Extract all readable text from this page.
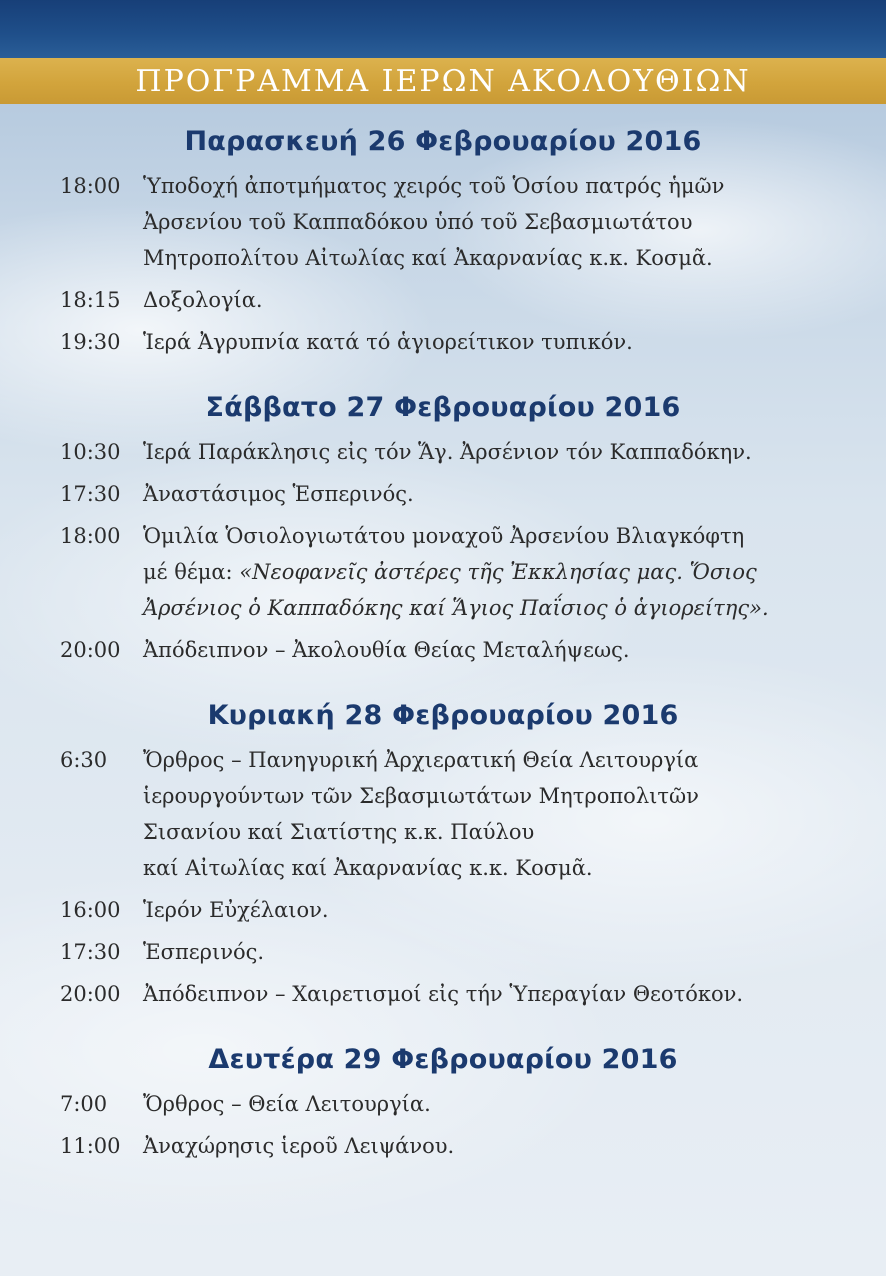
ΠΡΟΓΡΑΜΜΑ ΙΕΡΩΝ ΑΚΟΛΟΥΘΙΩΝ
Παρασκευή 26 Φεβρουαρίου 2016
18:00	Ὑποδοχή ἀποτμήματος χειρός τοῦ Ὁσίου πατρός ἡμῶν
Ἀρσενίου τοῦ Καππαδόκου ὑπό τοῦ Σεβασμιωτάτου
Μητροπολίτου Αἰτωλίας καί Ἀκαρνανίας κ.κ. Κοσμᾶ.
18:15	Δοξολογία.
19:30	Ἱερά Ἀγρυπνία κατά τό ἁγιορείτικον τυπικόν.
Σάββατο 27 Φεβρουαρίου 2016
10:30	Ἱερά Παράκλησις εἰς τόν Ἅγ. Ἀρσένιον τόν Καππαδόκην.
17:30	Ἀναστάσιμος Ἑσπερινός.
18:00	Ὁμιλία Ὁσιολογιωτάτου μοναχοῦ Ἀρσενίου Βλιαγκόφτη
μέ θέμα: «Νεοφανεῖς ἀστέρες τῆς Ἐκκλησίας μας. Ὅσιος
Ἀρσένιος ὁ Καππαδόκης καί Ἅγιος Παΐσιος ὁ ἁγιορείτης».
20:00	Ἀπόδειπνον – Ἀκολουθία Θείας Μεταλήψεως.
Κυριακή 28 Φεβρουαρίου 2016
6:30	Ὄρθρος – Πανηγυρική Ἀρχιερατική Θεία Λειτουργία
ἱερουργούντων τῶν Σεβασμιωτάτων Μητροπολιτῶν
Σισανίου καί Σιατίστης κ.κ. Παύλου
καί Αἰτωλίας καί Ἀκαρνανίας κ.κ. Κοσμᾶ.
16:00	Ἱερόν Εὐχέλαιον.
17:30	Ἑσπερινός.
20:00	Ἀπόδειπνον – Χαιρετισμοί εἰς τήν Ὑπεραγίαν Θεοτόκον.
Δευτέρα 29 Φεβρουαρίου 2016
7:00	Ὄρθρος – Θεία Λειτουργία.
11:00	Ἀναχώρησις ἱεροῦ Λειψάνου.
